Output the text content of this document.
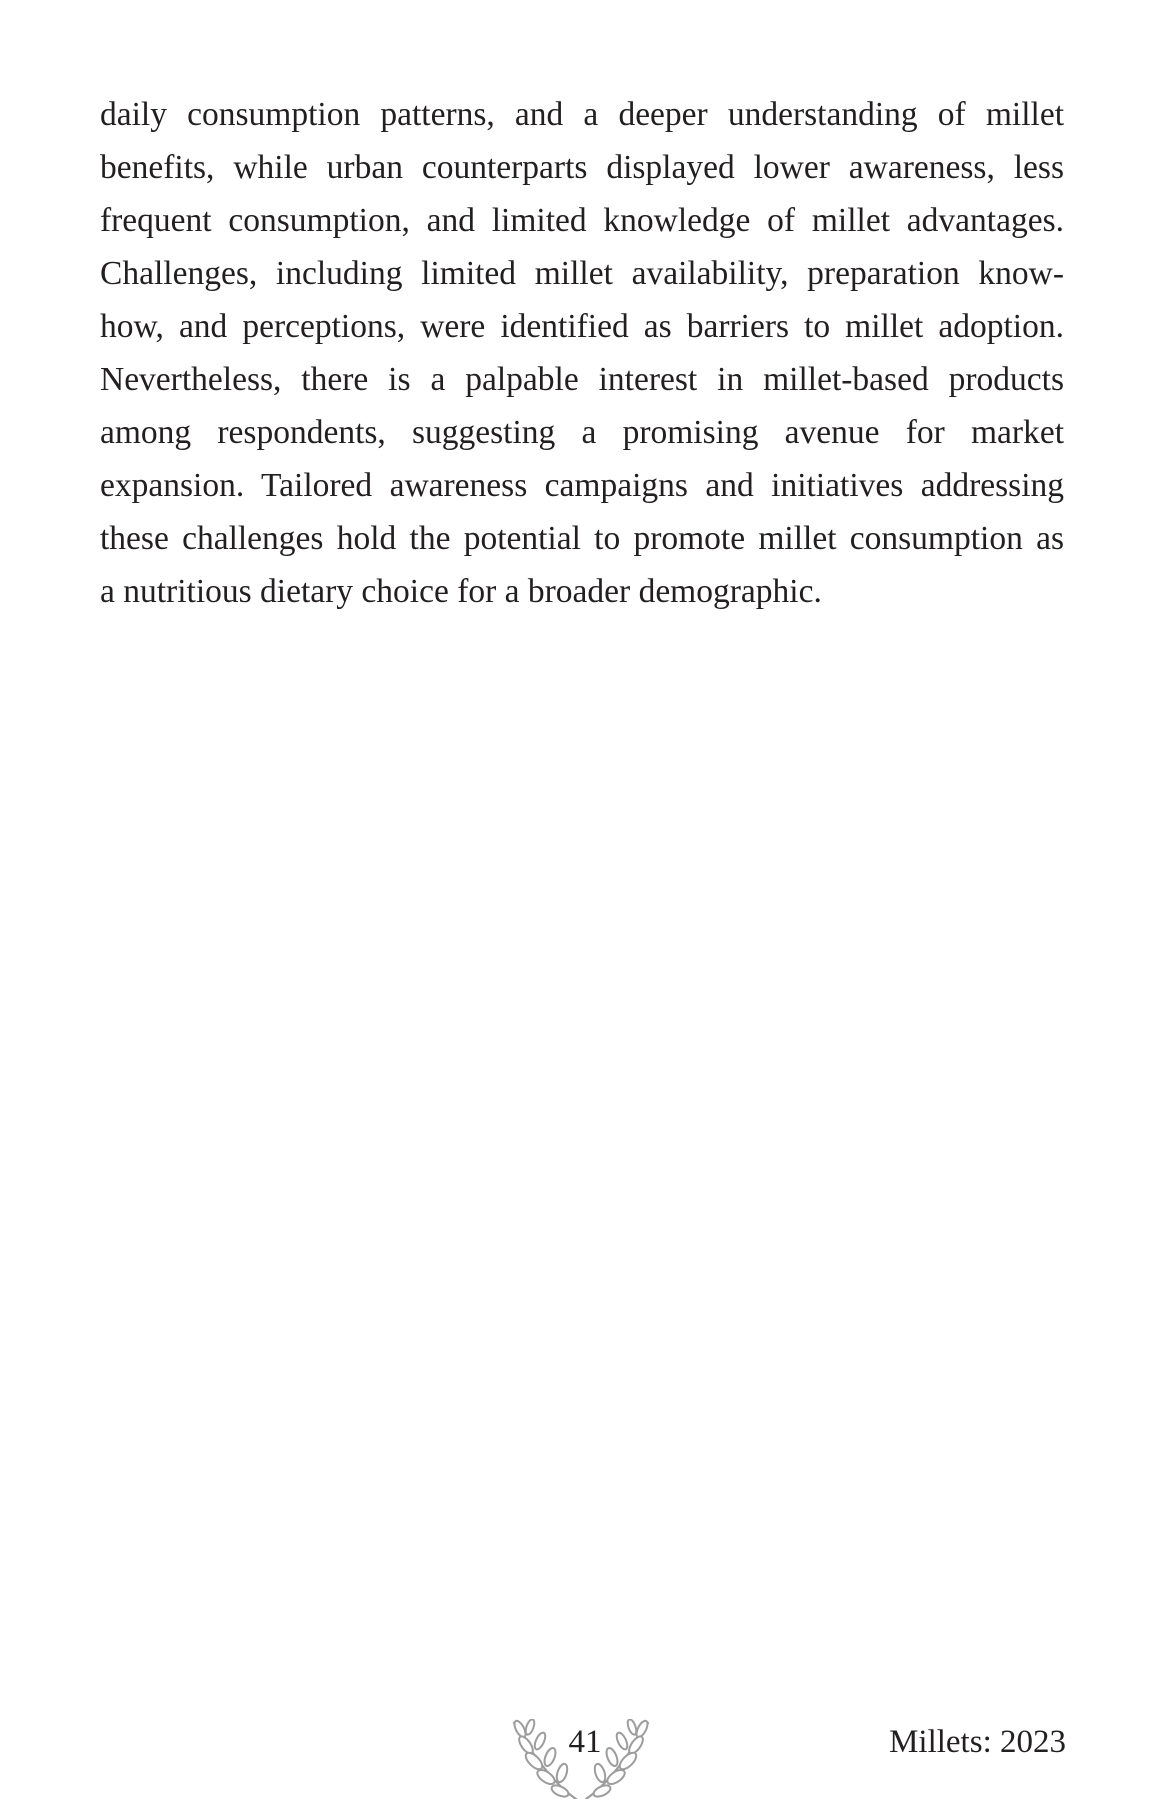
daily consumption patterns, and a deeper understanding of millet
benefits, while urban counterparts displayed lower awareness, less
frequent consumption, and limited knowledge of millet advantages.
Challenges, including limited millet availability, preparation know-
how, and perceptions, were identified as barriers to millet adoption.
Nevertheless, there is a palpable interest in millet-based products
among respondents, suggesting a promising avenue for market
expansion. Tailored awareness campaigns and initiatives addressing
these challenges hold the potential to promote millet consumption as
a nutritious dietary choice for a broader demographic.

41	Millets: 2023
